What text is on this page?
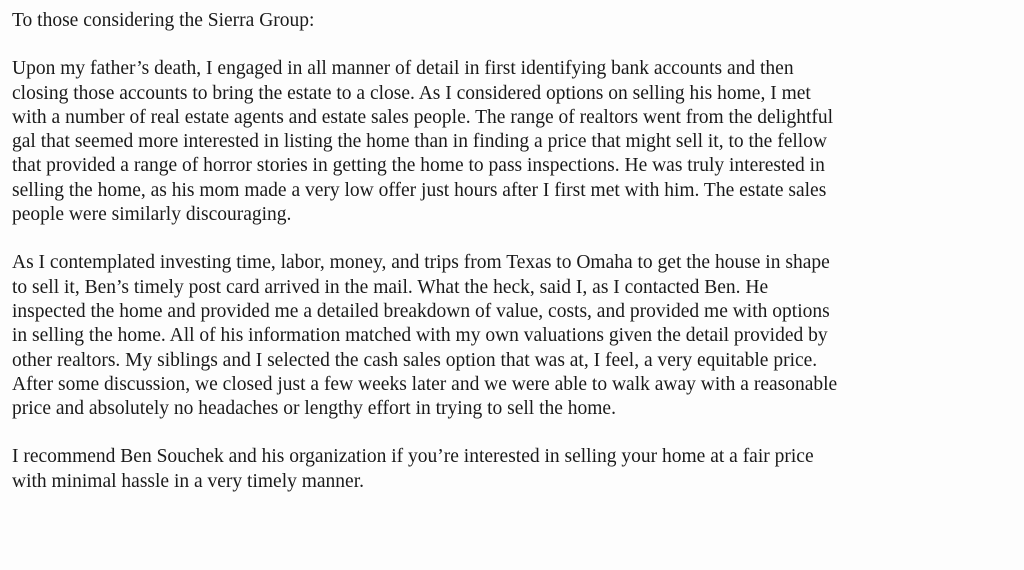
To those considering the Sierra Group:
Upon my father’s death, I engaged in all manner of detail in first identifying bank accounts and then
closing those accounts to bring the estate to a close. As I considered options on selling his home, I met
with a number of real estate agents and estate sales people. The range of realtors went from the delightful
gal that seemed more interested in listing the home than in finding a price that might sell it, to the fellow
that provided a range of horror stories in getting the home to pass inspections. He was truly interested in
selling the home, as his mom made a very low offer just hours after I first met with him. The estate sales
people were similarly discouraging.
As I contemplated investing time, labor, money, and trips from Texas to Omaha to get the house in shape
to sell it, Ben’s timely post card arrived in the mail. What the heck, said I, as I contacted Ben. He
inspected the home and provided me a detailed breakdown of value, costs, and provided me with options
in selling the home. All of his information matched with my own valuations given the detail provided by
other realtors. My siblings and I selected the cash sales option that was at, I feel, a very equitable price.
After some discussion, we closed just a few weeks later and we were able to walk away with a reasonable
price and absolutely no headaches or lengthy effort in trying to sell the home.
I recommend Ben Souchek and his organization if you’re interested in selling your home at a fair price
with minimal hassle in a very timely manner.
